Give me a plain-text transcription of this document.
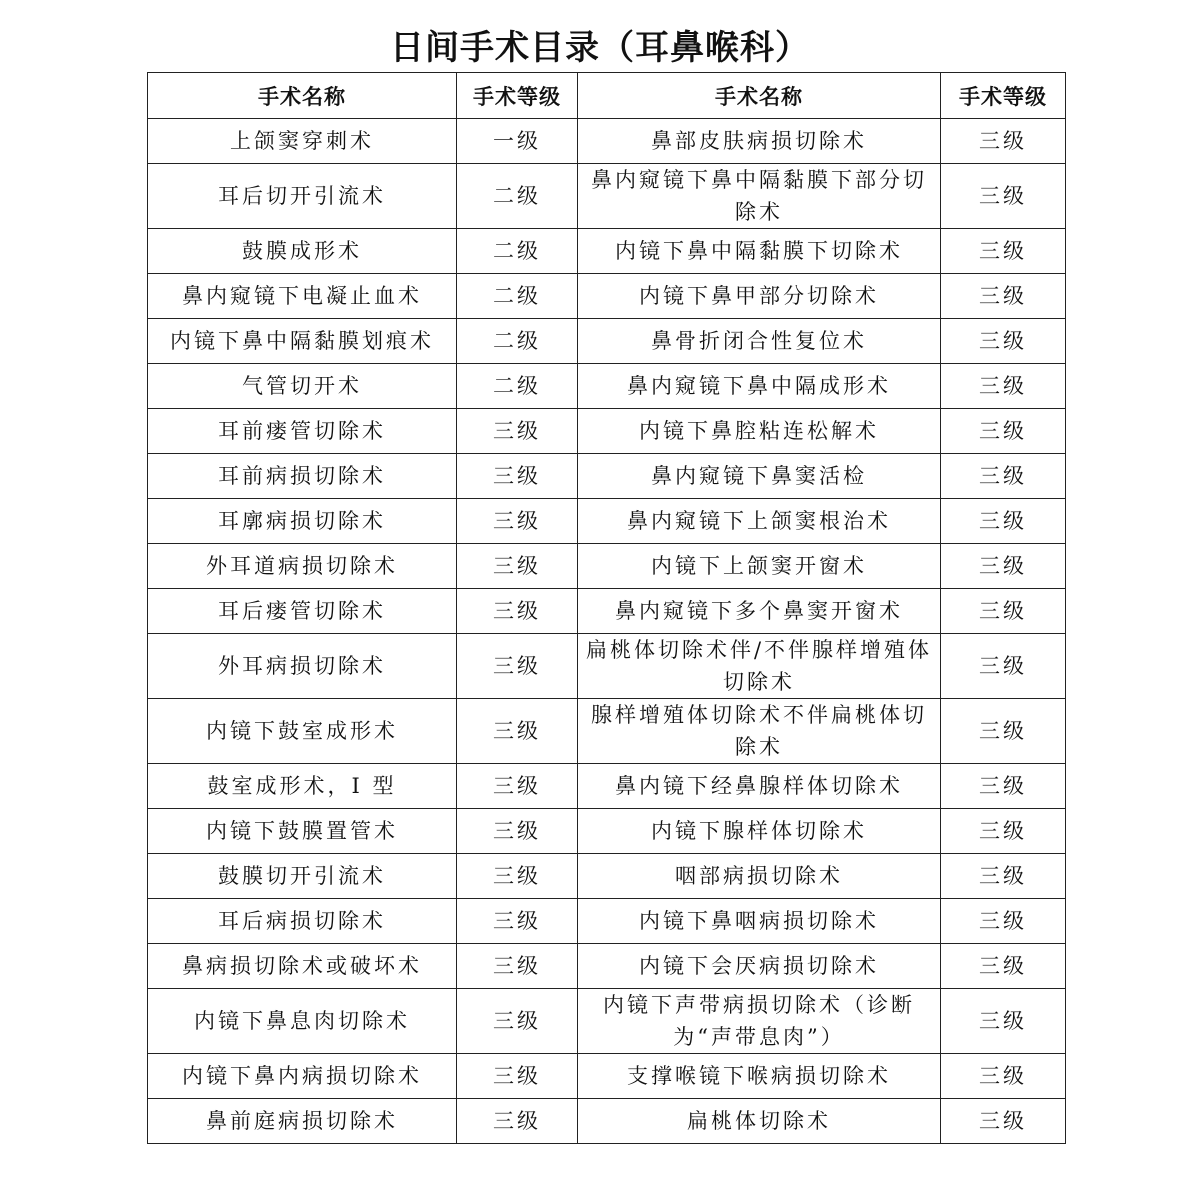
日间手术目录（耳鼻喉科）
手术名称	手术等级	手术名称	手术等级
上颌窦穿刺术	一级	鼻部皮肤病损切除术	三级
耳后切开引流术	二级	鼻内窥镜下鼻中隔黏膜下部分切除术	三级
鼓膜成形术	二级	内镜下鼻中隔黏膜下切除术	三级
鼻内窥镜下电凝止血术	二级	内镜下鼻甲部分切除术	三级
内镜下鼻中隔黏膜划痕术	二级	鼻骨折闭合性复位术	三级
气管切开术	二级	鼻内窥镜下鼻中隔成形术	三级
耳前瘘管切除术	三级	内镜下鼻腔粘连松解术	三级
耳前病损切除术	三级	鼻内窥镜下鼻窦活检	三级
耳廓病损切除术	三级	鼻内窥镜下上颌窦根治术	三级
外耳道病损切除术	三级	内镜下上颌窦开窗术	三级
耳后瘘管切除术	三级	鼻内窥镜下多个鼻窦开窗术	三级
外耳病损切除术	三级	扁桃体切除术伴/不伴腺样增殖体切除术	三级
内镜下鼓室成形术	三级	腺样增殖体切除术不伴扁桃体切除术	三级
鼓室成形术，I 型	三级	鼻内镜下经鼻腺样体切除术	三级
内镜下鼓膜置管术	三级	内镜下腺样体切除术	三级
鼓膜切开引流术	三级	咽部病损切除术	三级
耳后病损切除术	三级	内镜下鼻咽病损切除术	三级
鼻病损切除术或破坏术	三级	内镜下会厌病损切除术	三级
内镜下鼻息肉切除术	三级	内镜下声带病损切除术（诊断为“声带息肉”）	三级
内镜下鼻内病损切除术	三级	支撑喉镜下喉病损切除术	三级
鼻前庭病损切除术	三级	扁桃体切除术	三级
